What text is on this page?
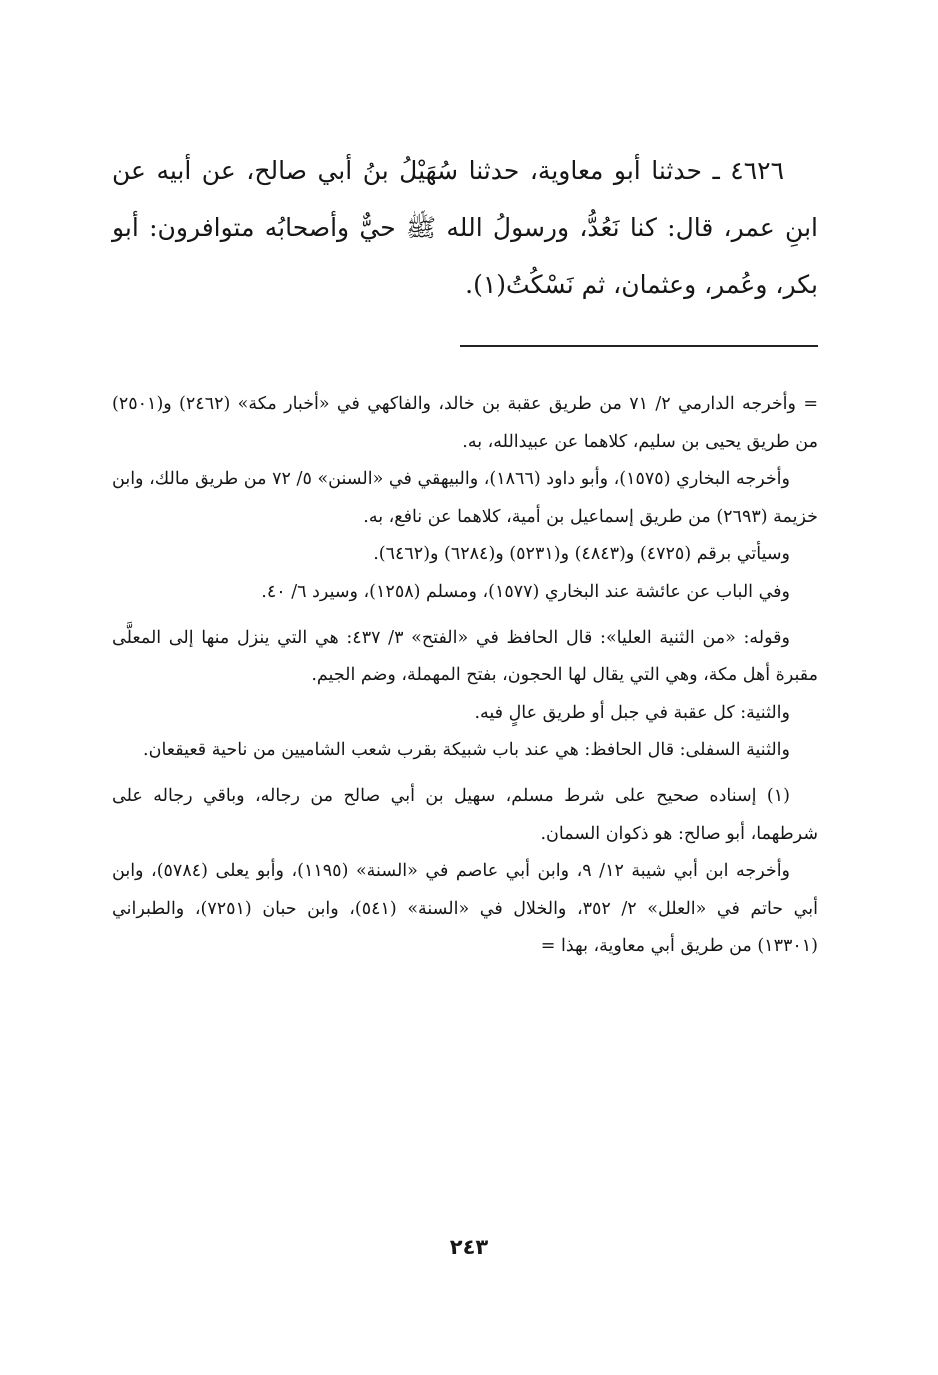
٤٦٢٦ ـ حدثنا أبو معاوية، حدثنا سُهَيْلُ بنُ أبي صالح، عن أبيه عن ابنِ عمر، قال: كنا نَعُدُّ، ورسولُ الله ﷺ حيٌّ وأصحابُه متوافرون: أبو بكر، وعُمر، وعثمان، ثم نَسْكُتُ(١).

= وأخرجه الدارمي ٢/ ٧١ من طريق عقبة بن خالد، والفاكهي في «أخبار مكة» (٢٤٦٢) و(٢٥٠١) من طريق يحيى بن سليم، كلاهما عن عبيدالله، به.

وأخرجه البخاري (١٥٧٥)، وأبو داود (١٨٦٦)، والبيهقي في «السنن» ٥/ ٧٢ من طريق مالك، وابن خزيمة (٢٦٩٣) من طريق إسماعيل بن أمية، كلاهما عن نافع، به.

وسيأتي برقم (٤٧٢٥) و(٤٨٤٣) و(٥٢٣١) و(٦٢٨٤) و(٦٤٦٢).

وفي الباب عن عائشة عند البخاري (١٥٧٧)، ومسلم (١٢٥٨)، وسيرد ٦/ ٤٠.

وقوله: «من الثنية العليا»: قال الحافظ في «الفتح» ٣/ ٤٣٧: هي التي ينزل منها إلى المعلَّى مقبرة أهل مكة، وهي التي يقال لها الحجون، بفتح المهملة، وضم الجيم.

والثنية: كل عقبة في جبل أو طريق عالٍ فيه.

والثنية السفلى: قال الحافظ: هي عند باب شبيكة بقرب شعب الشاميين من ناحية قعيقعان.

(١) إسناده صحيح على شرط مسلم، سهيل بن أبي صالح من رجاله، وباقي رجاله على شرطهما، أبو صالح: هو ذكوان السمان.

وأخرجه ابن أبي شيبة ١٢/ ٩، وابن أبي عاصم في «السنة» (١١٩٥)، وأبو يعلى (٥٧٨٤)، وابن أبي حاتم في «العلل» ٢/ ٣٥٢، والخلال في «السنة» (٥٤١)، وابن حبان (٧٢٥١)، والطبراني (١٣٣٠١) من طريق أبي معاوية، بهذا =

٢٤٣
